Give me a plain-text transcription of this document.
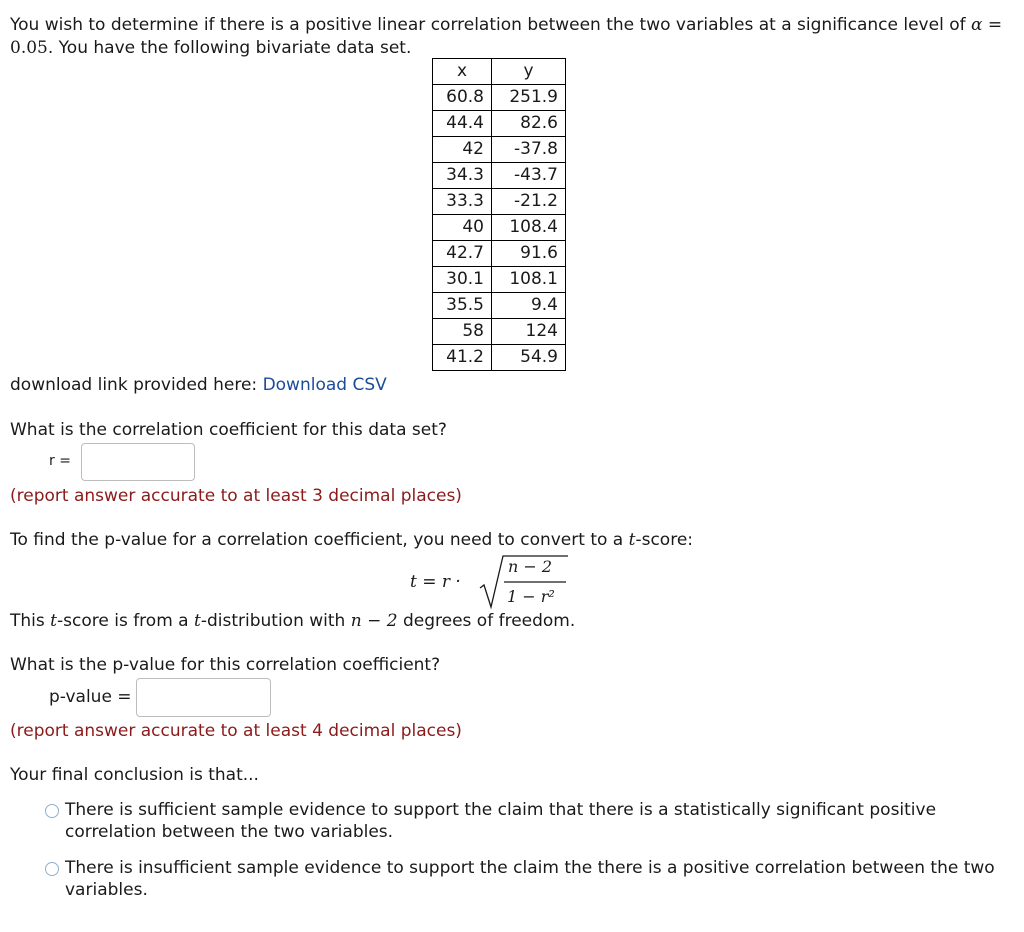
You wish to determine if there is a positive linear correlation between the two variables at a significance level of α = 0.05. You have the following bivariate data set.
x	y
60.8	251.9
44.4	82.6
42	-37.8
34.3	-43.7
33.3	-21.2
40	108.4
42.7	91.6
30.1	108.1
35.5	9.4
58	124
41.2	54.9
download link provided here: Download CSV
What is the correlation coefficient for this data set?
r =
(report answer accurate to at least 3 decimal places)
To find the p-value for a correlation coefficient, you need to convert to a t-score:
t = r ·
n − 2
1 − r²
This t-score is from a t-distribution with n − 2 degrees of freedom.
What is the p-value for this correlation coefficient?
p-value =
(report answer accurate to at least 4 decimal places)
Your final conclusion is that...
There is sufficient sample evidence to support the claim that there is a statistically significant positive correlation between the two variables.
There is insufficient sample evidence to support the claim the there is a positive correlation between the two variables.
